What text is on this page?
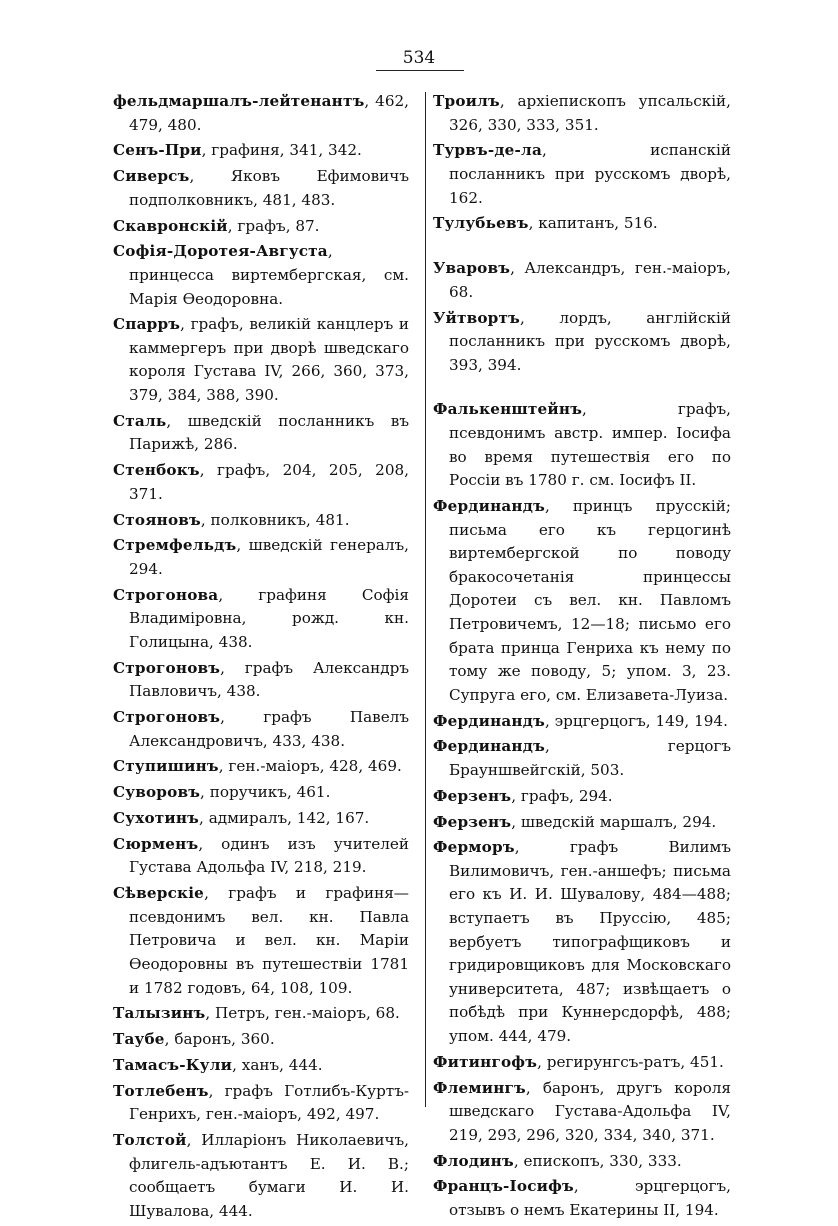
534

фельдмаршалъ-лейтенантъ, 462, 479, 480.

Сенъ-При, графиня, 341, 342.

Сиверсъ, Яковъ Ефимовичъ подполковникъ, 481, 483.

Скавронскій, графъ, 87.

Софія-Доротея-Августа, принцесса виртембергская, см. Марія Ѳеодоровна.

Спарръ, графъ, великій канцлеръ и каммергеръ при дворѣ шведскаго короля Густава IV, 266, 360, 373, 379, 384, 388, 390.

Сталь, шведскій посланникъ въ Парижѣ, 286.

Стенбокъ, графъ, 204, 205, 208, 371.

Стояновъ, полковникъ, 481.

Стремфельдъ, шведскій генералъ, 294.

Строгонова, графиня Софія Владиміровна, рожд. кн. Голицына, 438.

Строгоновъ, графъ Александръ Павловичъ, 438.

Строгоновъ, графъ Павелъ Александровичъ, 433, 438.

Ступишинъ, ген.-маіоръ, 428, 469.

Суворовъ, поручикъ, 461.

Сухотинъ, адмиралъ, 142, 167.

Сюрменъ, одинъ изъ учителей Густава Адольфа IV, 218, 219.

Сѣверскіе, графъ и графиня—псевдонимъ вел. кн. Павла Петровича и вел. кн. Маріи Ѳеодоровны въ путешествіи 1781 и 1782 годовъ, 64, 108, 109.

Талызинъ, Петръ, ген.-маіоръ, 68.

Таубе, баронъ, 360.

Тамасъ-Кули, ханъ, 444.

Тотлебенъ, графъ Готлибъ-Куртъ-Генрихъ, ген.-маіоръ, 492, 497.

Толстой, Илларіонъ Николаевичъ, флигель-адъютантъ Е. И. В.; сообщаетъ бумаги И. И. Шувалова, 444.

Троилъ, архіепископъ упсальскій, 326, 330, 333, 351.

Турвъ-де-ла, испанскій посланникъ при русскомъ дворѣ, 162.

Тулубьевъ, капитанъ, 516.

Уваровъ, Александръ, ген.-маіоръ, 68.

Уйтвортъ, лордъ, англійскій посланникъ при русскомъ дворѣ, 393, 394.

Фалькенштейнъ, графъ, псевдонимъ австр. импер. Іосифа во время путешествія его по Россіи въ 1780 г. см. Іосифъ II.

Фердинандъ, принцъ прусскій; письма его къ герцогинѣ виртембергской по поводу бракосочетанія принцессы Доротеи съ вел. кн. Павломъ Петровичемъ, 12—18; письмо его брата принца Генриха къ нему по тому же поводу, 5; упом. 3, 23. Супруга его, см. Елизавета-Луиза.

Фердинандъ, эрцгерцогъ, 149, 194.

Фердинандъ, герцогъ Брауншвейгскій, 503.

Ферзенъ, графъ, 294.

Ферзенъ, шведскій маршалъ, 294.

Ферморъ, графъ Вилимъ Вилимовичъ, ген.-аншефъ; письма его къ И. И. Шувалову, 484—488; вступаетъ въ Пруссію, 485; вербуетъ типографщиковъ и гридировщиковъ для Московскаго университета, 487; извѣщаетъ о побѣдѣ при Куннерсдорфѣ, 488; упом. 444, 479.

Фитингофъ, регирунгсъ-ратъ, 451.

Флемингъ, баронъ, другъ короля шведскаго Густава-Адольфа IV, 219, 293, 296, 320, 334, 340, 371.

Флодинъ, епископъ, 330, 333.

Францъ-Іосифъ, эрцгерцогъ, отзывъ о немъ Екатерины II, 194.
